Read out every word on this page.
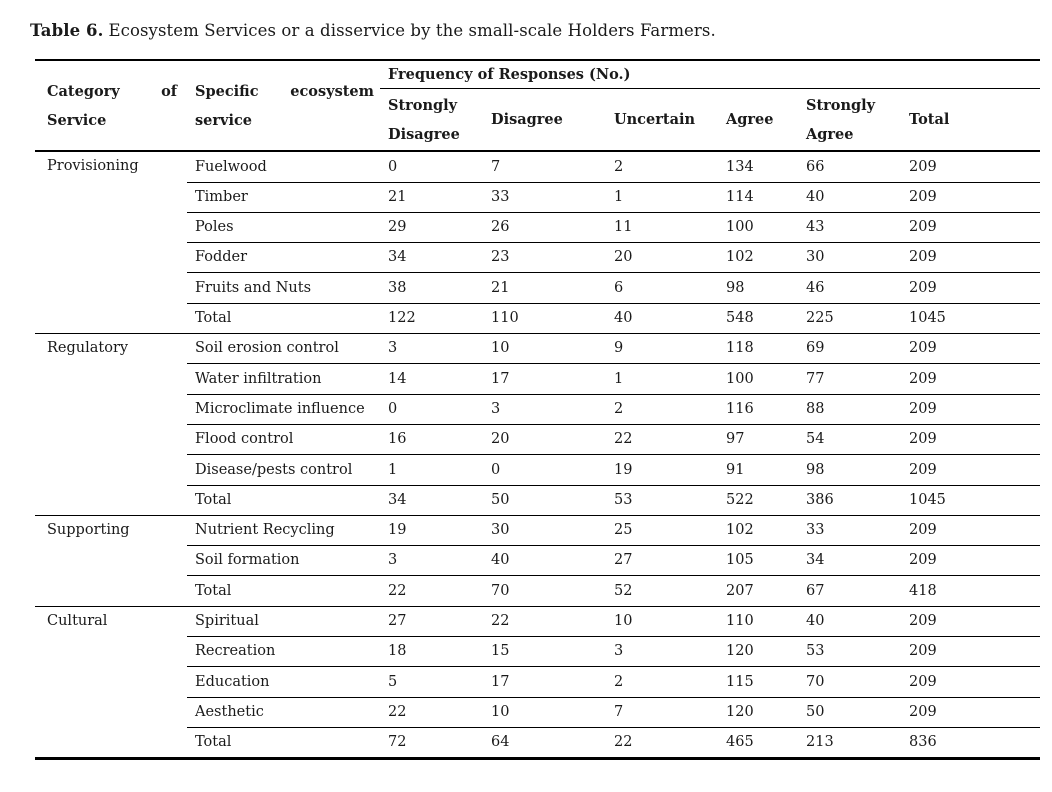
Table 6. Ecosystem Services or a disservice by the small-scale Holders Farmers.
Category	of
Service

Specific ecosystem
service
	Frequency of Responses (No.)
		Strongly Disagree	Disagree	Uncertain	Agree	Strongly Agree	Total
Provisioning	Fuelwood	0	7	2	134	66	209
	Timber	21	33	1	114	40	209
	Poles	29	26	11	100	43	209
	Fodder	34	23	20	102	30	209
	Fruits and Nuts	38	21	6	98	46	209
	Total	122	110	40	548	225	1045
Regulatory	Soil erosion control	3	10	9	118	69	209
	Water infiltration	14	17	1	100	77	209
	Microclimate influence	0	3	2	116	88	209
	Flood control	16	20	22	97	54	209
	Disease/pests control	1	0	19	91	98	209
	Total	34	50	53	522	386	1045
Supporting	Nutrient Recycling	19	30	25	102	33	209
	Soil formation	3	40	27	105	34	209
	Total	22	70	52	207	67	418
Cultural	Spiritual	27	22	10	110	40	209
	Recreation	18	15	3	120	53	209
	Education	5	17	2	115	70	209
	Aesthetic	22	10	7	120	50	209
	Total	72	64	22	465	213	836
